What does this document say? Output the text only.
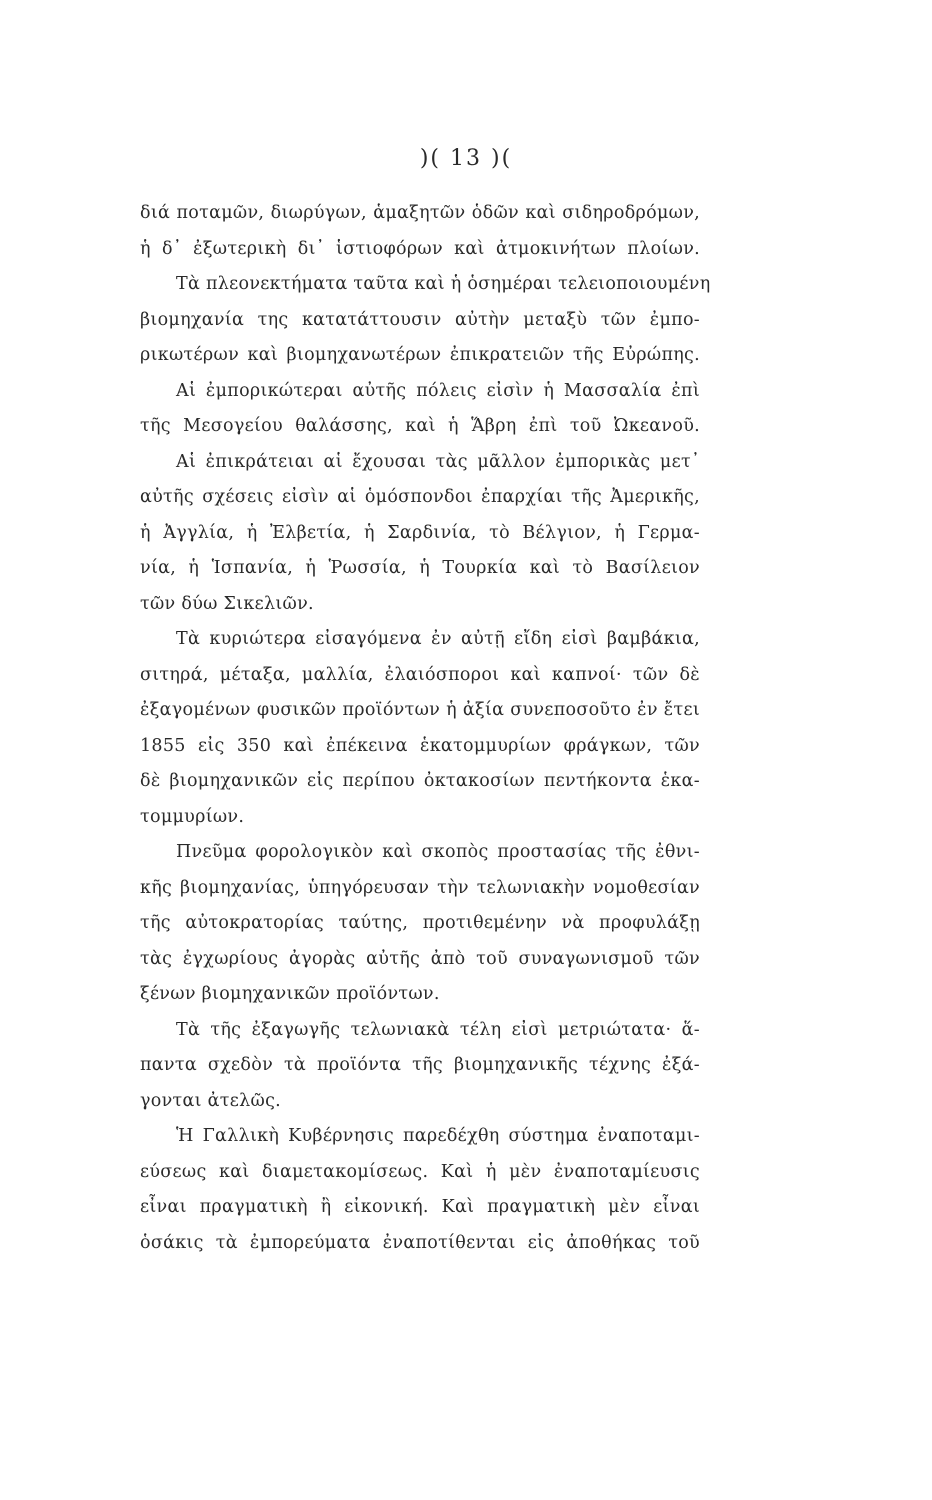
)( 13 )(
διά ποταμῶν, διωρύγων, ἁμαξητῶν ὁδῶν καὶ σιδηροδρόμων,
ἡ δ᾽ ἐξωτερικὴ δι᾽ ἱστιοφόρων καὶ ἀτμοκινήτων πλοίων.
Τὰ πλεονεκτήματα ταῦτα καὶ ἡ ὁσημέραι τελειοποιουμένη
βιομηχανία της κατατάττουσιν αὐτὴν μεταξὺ τῶν ἐμπο-
ρικωτέρων καὶ βιομηχανωτέρων ἐπικρατειῶν τῆς Εὐρώπης.
Αἱ ἐμπορικώτεραι αὐτῆς πόλεις εἰσὶν ἡ Μασσαλία ἐπὶ
τῆς Μεσογείου θαλάσσης, καὶ ἡ Ἅβρη ἐπὶ τοῦ Ὠκεανοῦ.
Αἱ ἐπικράτειαι αἱ ἔχουσαι τὰς μᾶλλον ἐμπορικὰς μετ᾽
αὐτῆς σχέσεις εἰσὶν αἱ ὁμόσπονδοι ἐπαρχίαι τῆς Ἀμερικῆς,
ἡ Ἀγγλία, ἡ Ἐλβετία, ἡ Σαρδινία, τὸ Βέλγιον, ἡ Γερμα-
νία, ἡ Ἱσπανία, ἡ Ῥωσσία, ἡ Τουρκία καὶ τὸ Βασίλειον
τῶν δύω Σικελιῶν.
Τὰ κυριώτερα εἰσαγόμενα ἐν αὐτῇ εἴδη εἰσὶ βαμβάκια,
σιτηρά, μέταξα, μαλλία, ἐλαιόσποροι καὶ καπνοί· τῶν δὲ
ἐξαγομένων φυσικῶν προϊόντων ἡ ἀξία συνεποσοῦτο ἐν ἔτει
1855 εἰς 350 καὶ ἐπέκεινα ἑκατομμυρίων φράγκων, τῶν
δὲ βιομηχανικῶν εἰς περίπου ὀκτακοσίων πεντήκοντα ἑκα-
τομμυρίων.
Πνεῦμα φορολογικὸν καὶ σκοπὸς προστασίας τῆς ἐθνι-
κῆς βιομηχανίας, ὑπηγόρευσαν τὴν τελωνιακὴν νομοθεσίαν
τῆς αὐτοκρατορίας ταύτης, προτιθεμένην νὰ προφυλάξῃ
τὰς ἐγχωρίους ἀγορὰς αὐτῆς ἀπὸ τοῦ συναγωνισμοῦ τῶν
ξένων βιομηχανικῶν προϊόντων.
Τὰ τῆς ἐξαγωγῆς τελωνιακὰ τέλη εἰσὶ μετριώτατα· ἅ-
παντα σχεδὸν τὰ προϊόντα τῆς βιομηχανικῆς τέχνης ἐξά-
γονται ἀτελῶς.
Ἡ Γαλλικὴ Κυβέρνησις παρεδέχθη σύστημα ἐναποταμι-
εύσεως καὶ διαμετακομίσεως. Καὶ ἡ μὲν ἐναποταμίευσις
εἶναι πραγματικὴ ἢ εἰκονική. Καὶ πραγματικὴ μὲν εἶναι
ὁσάκις τὰ ἐμπορεύματα ἐναποτίθενται εἰς ἀποθήκας τοῦ
